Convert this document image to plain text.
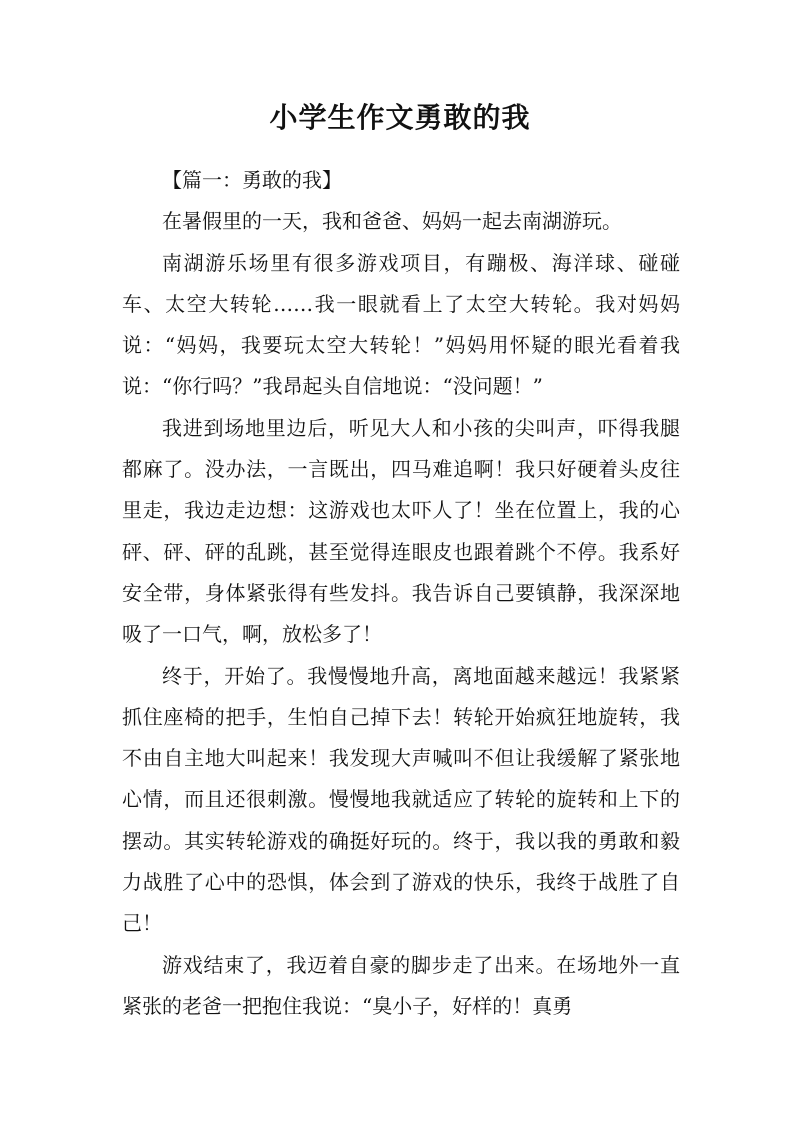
小学生作文勇敢的我

【篇一：勇敢的我】

在暑假里的一天，我和爸爸、妈妈一起去南湖游玩。

南湖游乐场里有很多游戏项目，有蹦极、海洋球、碰碰车、太空大转轮……我一眼就看上了太空大转轮。我对妈妈说：“妈妈，我要玩太空大转轮！”妈妈用怀疑的眼光看着我说：“你行吗？”我昂起头自信地说：“没问题！”

我进到场地里边后，听见大人和小孩的尖叫声，吓得我腿都麻了。没办法，一言既出，四马难追啊！我只好硬着头皮往里走，我边走边想：这游戏也太吓人了！坐在位置上，我的心砰、砰、砰的乱跳，甚至觉得连眼皮也跟着跳个不停。我系好安全带，身体紧张得有些发抖。我告诉自己要镇静，我深深地吸了一口气，啊，放松多了！

终于，开始了。我慢慢地升高，离地面越来越远！我紧紧抓住座椅的把手，生怕自己掉下去！转轮开始疯狂地旋转，我不由自主地大叫起来！我发现大声喊叫不但让我缓解了紧张地心情，而且还很刺激。慢慢地我就适应了转轮的旋转和上下的摆动。其实转轮游戏的确挺好玩的。终于，我以我的勇敢和毅力战胜了心中的恐惧，体会到了游戏的快乐，我终于战胜了自己！

游戏结束了，我迈着自豪的脚步走了出来。在场地外一直紧张的老爸一把抱住我说：“臭小子，好样的！真勇
